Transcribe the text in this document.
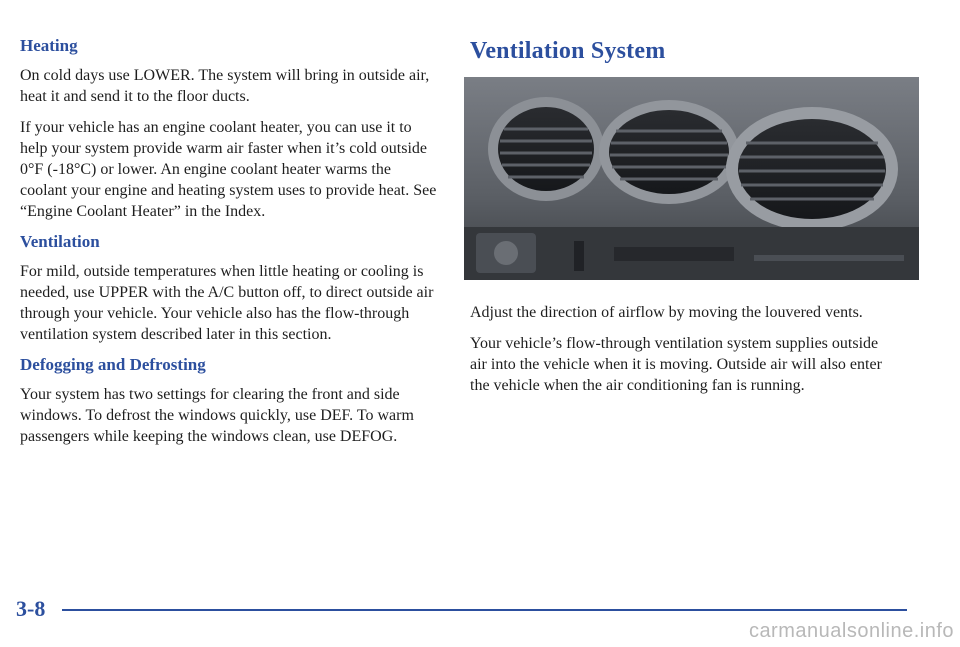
Heating

On cold days use LOWER. The system will bring in outside air, heat it and send it to the floor ducts.

If your vehicle has an engine coolant heater, you can use it to help your system provide warm air faster when it’s cold outside 0°F (-18°C) or lower. An engine coolant heater warms the coolant your engine and heating system uses to provide heat. See “Engine Coolant Heater” in the Index.

Ventilation

For mild, outside temperatures when little heating or cooling is needed, use UPPER with the A/C button off, to direct outside air through your vehicle. Your vehicle also has the flow-through ventilation system described later in this section.

Defogging and Defrosting

Your system has two settings for clearing the front and side windows. To defrost the windows quickly, use DEF. To warm passengers while keeping the windows clean, use DEFOG.

Ventilation System

Adjust the direction of airflow by moving the louvered vents.

Your vehicle’s flow-through ventilation system supplies outside air into the vehicle when it is moving. Outside air will also enter the vehicle when the air conditioning fan is running.

3-8
carmanualsonline.info
